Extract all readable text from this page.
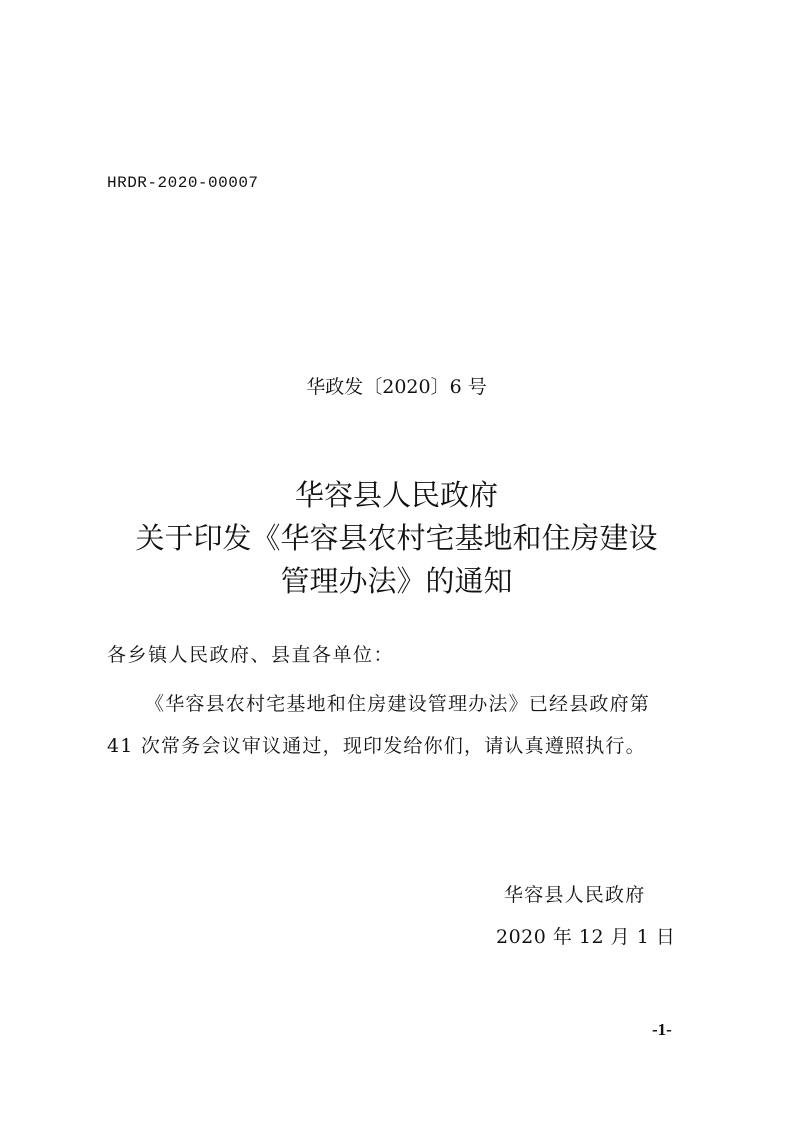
HRDR-2020-00007
华政发〔2020〕6 号
华容县人民政府
关于印发《华容县农村宅基地和住房建设
管理办法》的通知
各乡镇人民政府、县直各单位：
《华容县农村宅基地和住房建设管理办法》已经县政府第
41 次常务会议审议通过，现印发给你们，请认真遵照执行。
华容县人民政府
2020 年 12 月 1 日
-1-
